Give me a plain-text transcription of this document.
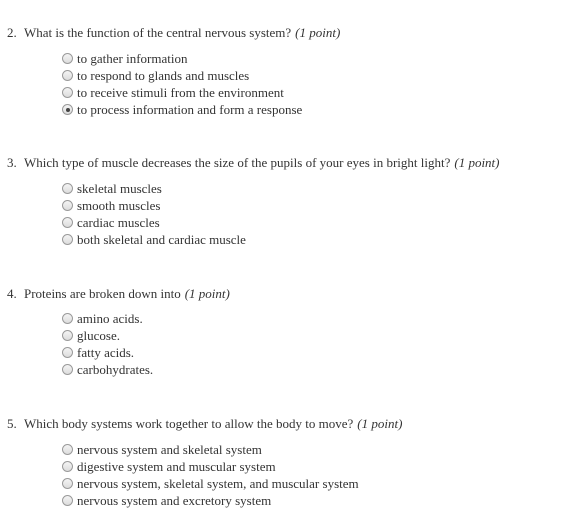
2. What is the function of the central nervous system? (1 point)
to gather information
to respond to glands and muscles
to receive stimuli from the environment
to process information and form a response
3. Which type of muscle decreases the size of the pupils of your eyes in bright light? (1 point)
skeletal muscles
smooth muscles
cardiac muscles
both skeletal and cardiac muscle
4. Proteins are broken down into (1 point)
amino acids.
glucose.
fatty acids.
carbohydrates.
5. Which body systems work together to allow the body to move? (1 point)
nervous system and skeletal system
digestive system and muscular system
nervous system, skeletal system, and muscular system
nervous system and excretory system
